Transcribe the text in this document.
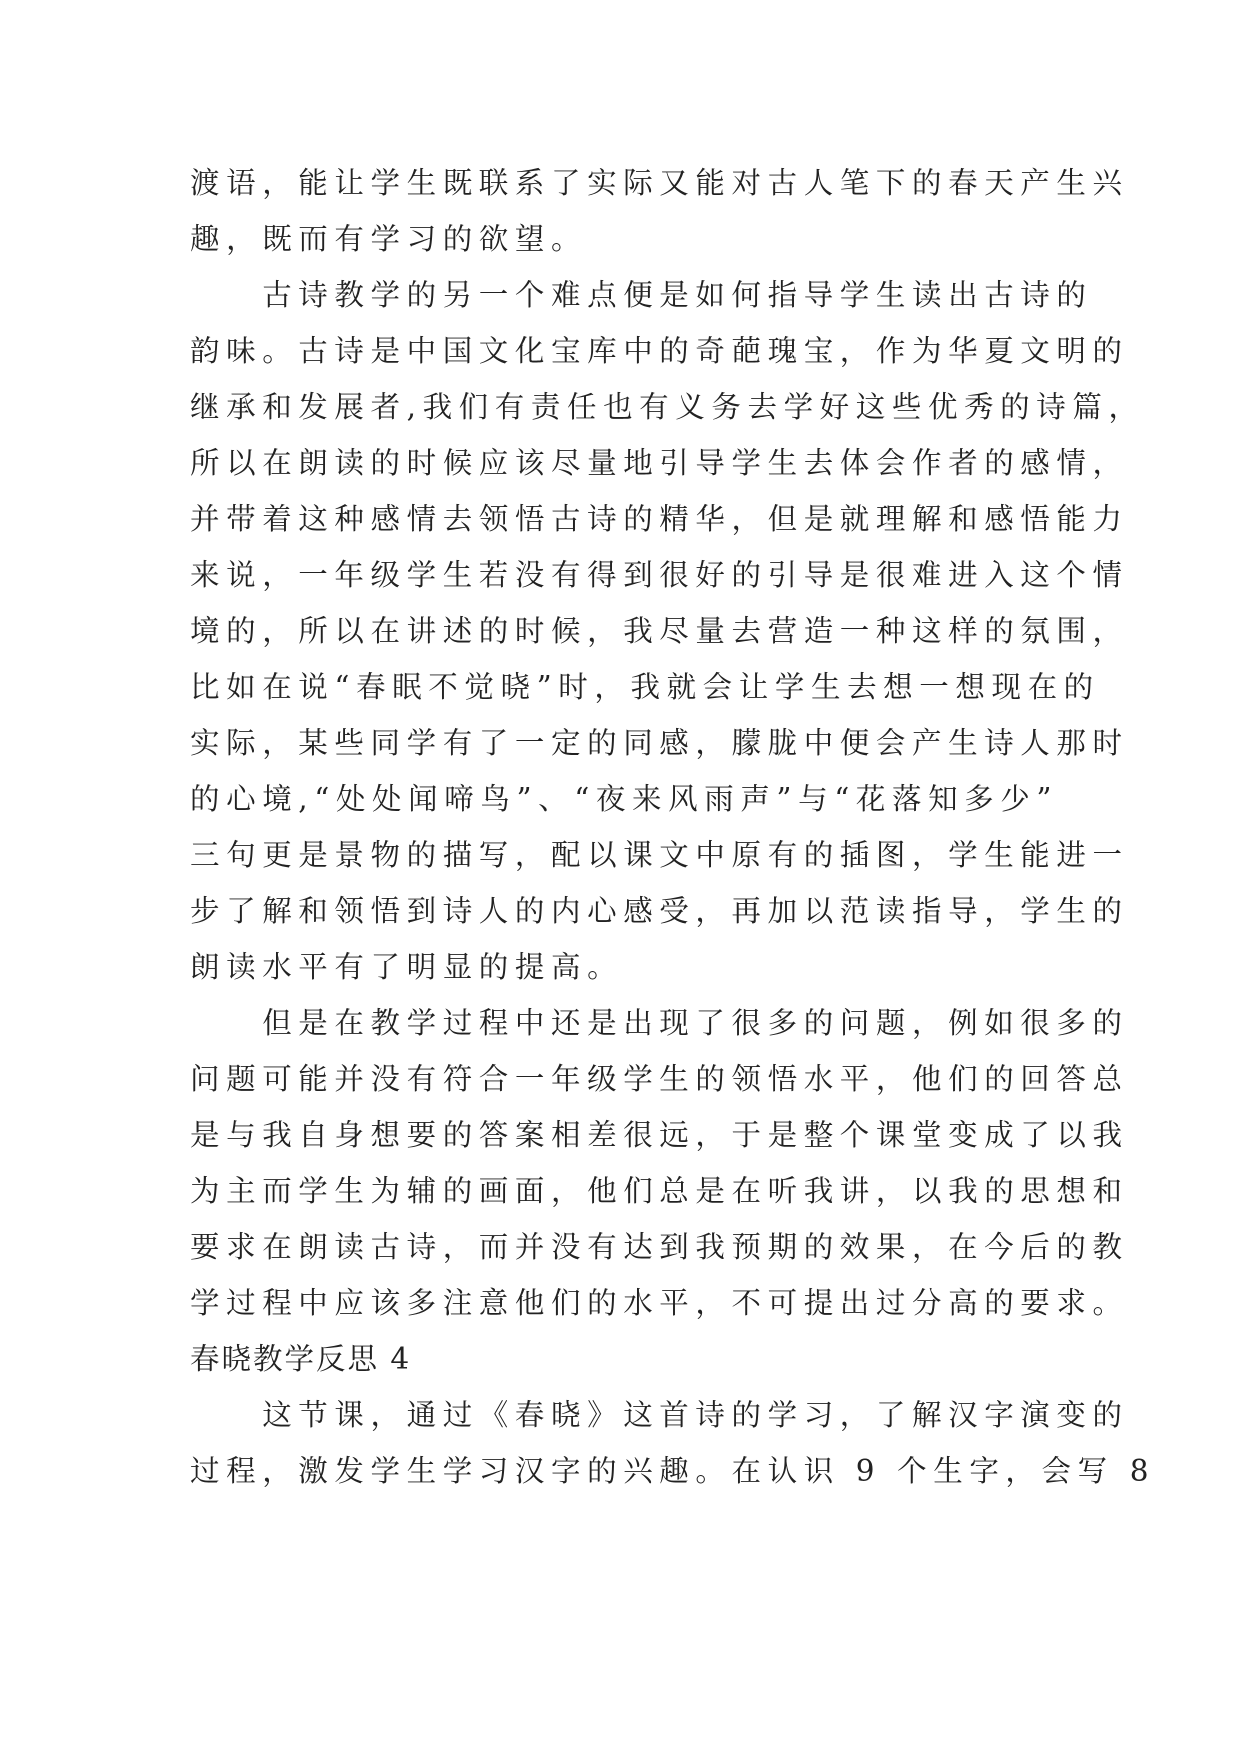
渡语，能让学生既联系了实际又能对古人笔下的春天产生兴
趣，既而有学习的欲望。
　　古诗教学的另一个难点便是如何指导学生读出古诗的
韵味。古诗是中国文化宝库中的奇葩瑰宝，作为华夏文明的
继承和发展者,我们有责任也有义务去学好这些优秀的诗篇，
所以在朗读的时候应该尽量地引导学生去体会作者的感情，
并带着这种感情去领悟古诗的精华，但是就理解和感悟能力
来说，一年级学生若没有得到很好的引导是很难进入这个情
境的，所以在讲述的时候，我尽量去营造一种这样的氛围，
比如在说“春眠不觉晓”时，我就会让学生去想一想现在的
实际，某些同学有了一定的同感，朦胧中便会产生诗人那时
的心境,“处处闻啼鸟”、“夜来风雨声”与“花落知多少”
三句更是景物的描写，配以课文中原有的插图，学生能进一
步了解和领悟到诗人的内心感受，再加以范读指导，学生的
朗读水平有了明显的提高。
　　但是在教学过程中还是出现了很多的问题，例如很多的
问题可能并没有符合一年级学生的领悟水平，他们的回答总
是与我自身想要的答案相差很远，于是整个课堂变成了以我
为主而学生为辅的画面，他们总是在听我讲，以我的思想和
要求在朗读古诗，而并没有达到我预期的效果，在今后的教
学过程中应该多注意他们的水平，不可提出过分高的要求。
春晓教学反思 4
　　这节课，通过《春晓》这首诗的学习，了解汉字演变的
过程，激发学生学习汉字的兴趣。在认识 9 个生字，会写 8
